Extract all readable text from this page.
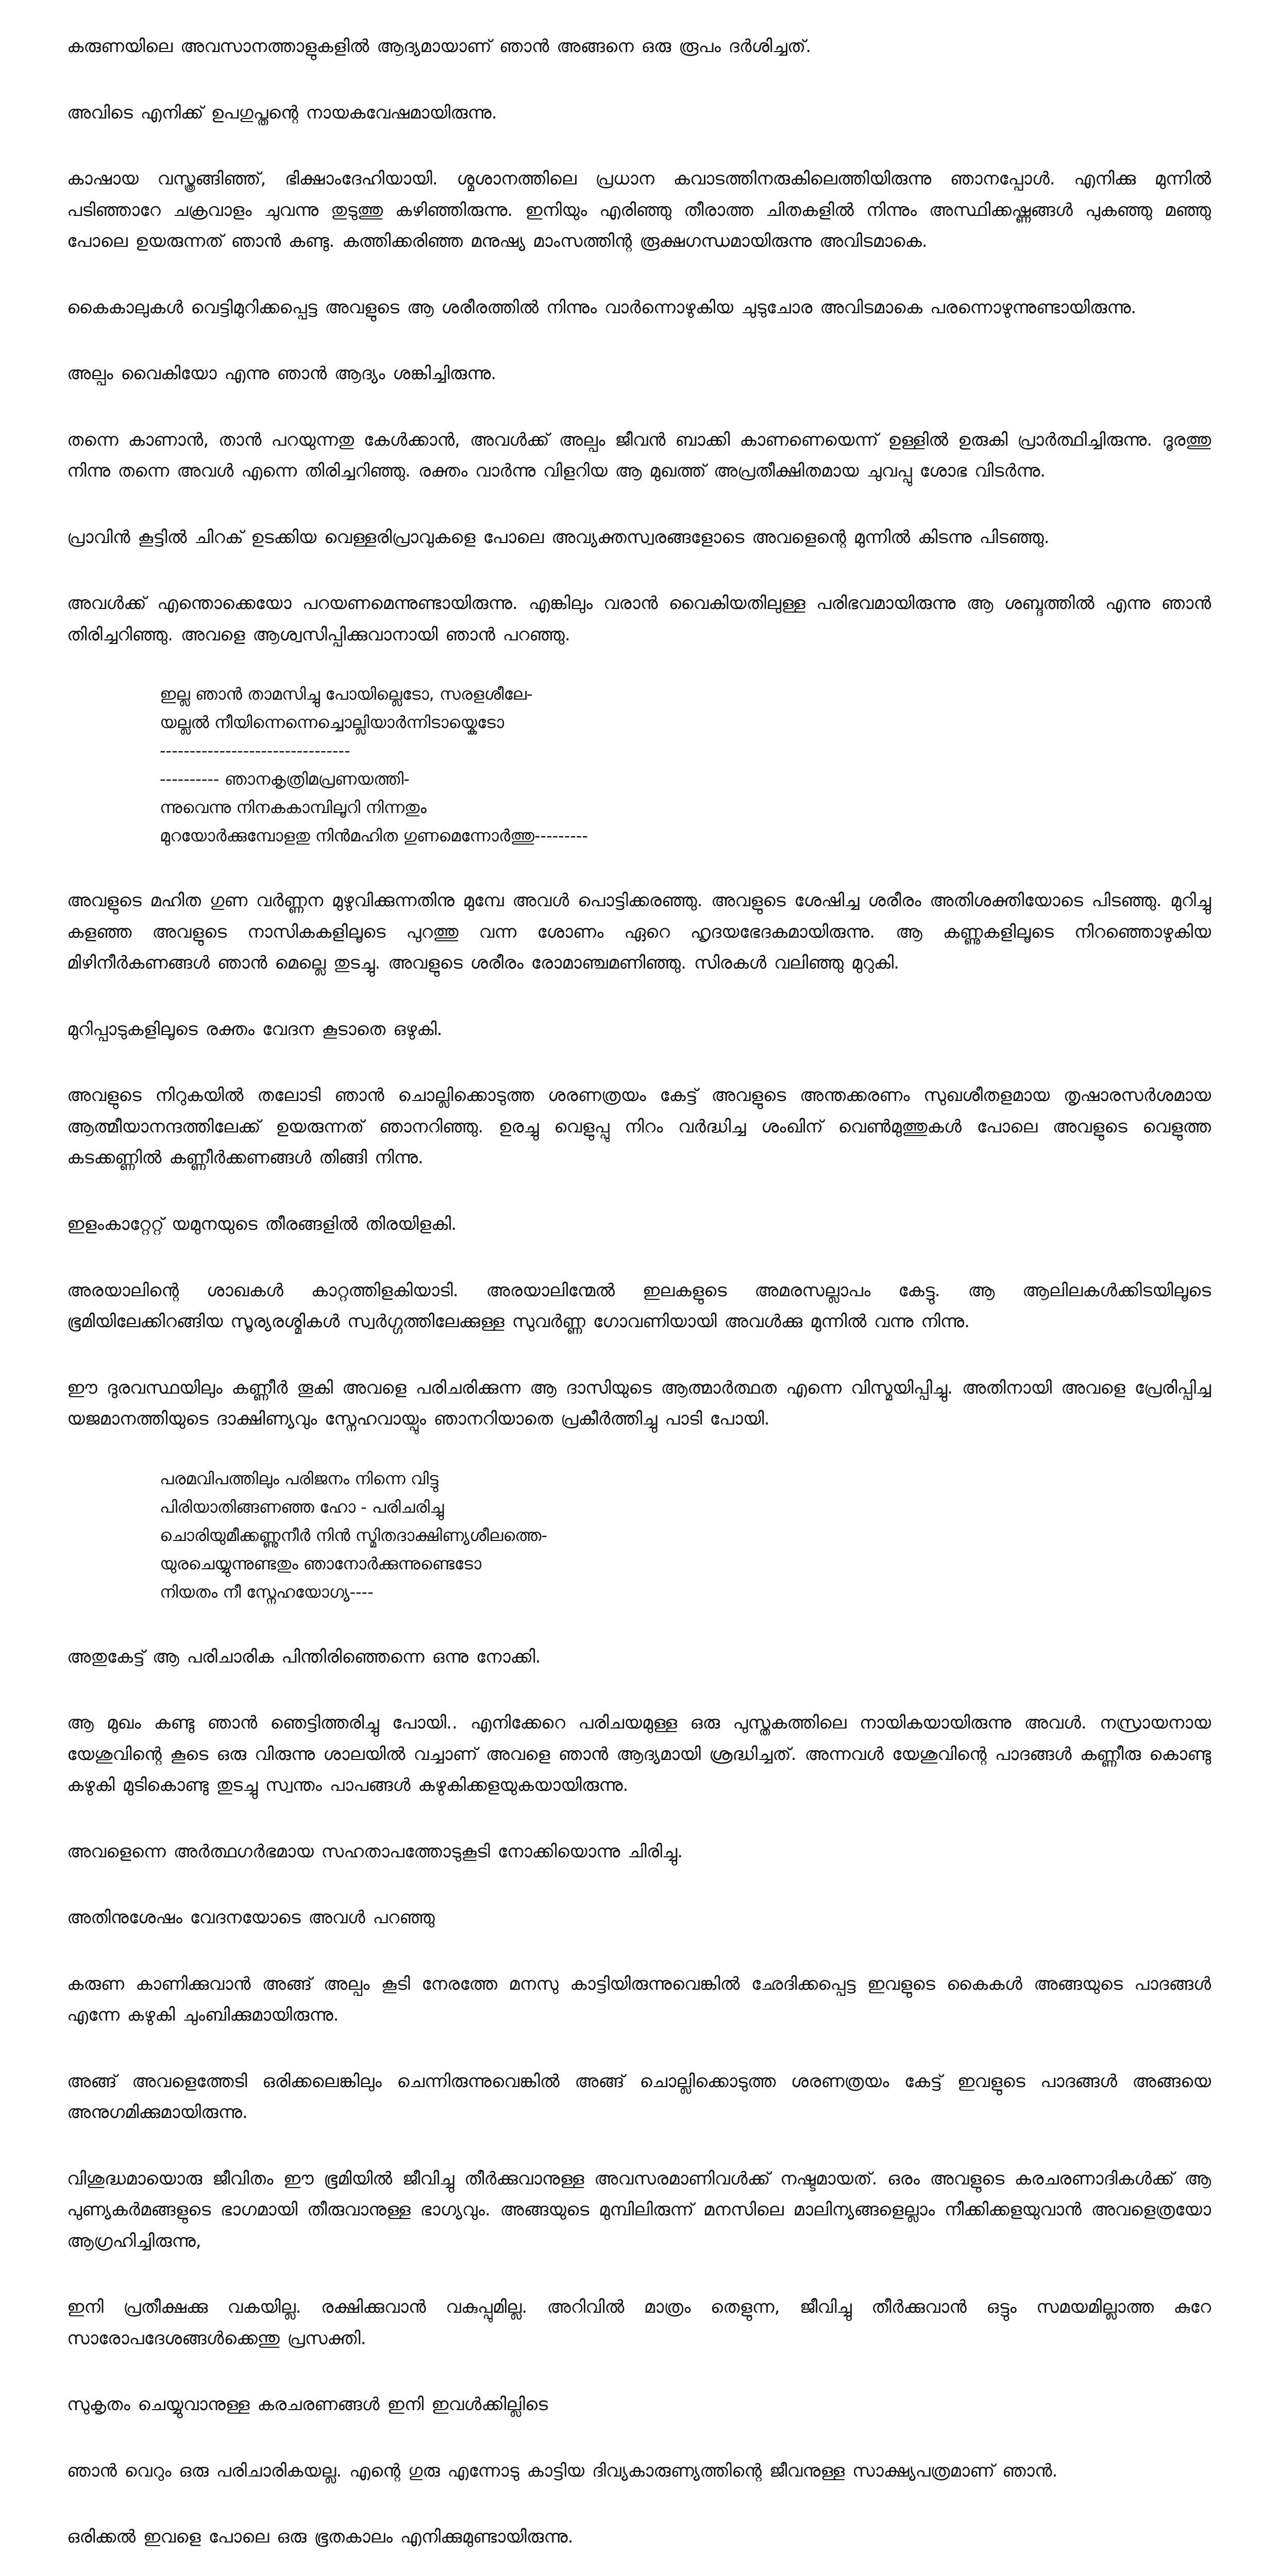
കരുണയിലെ അവസാനത്താളുകളിൽ ആദ്യമായാണ് ഞാൻ അങ്ങനെ ഒരു രൂപം ദർശിച്ചത്.

അവിടെ എനിക്ക് ഉപഗുപ്തന്റെ നായകവേഷമായിരുന്നു.

കാഷായ വസ്ത്രങ്ങിഞ്ഞ്, ഭിക്ഷാംദേഹിയായി. ശ്മശാനത്തിലെ പ്രധാന കവാടത്തിനരുകിലെത്തിയിരുന്നു ഞാനപ്പോൾ. എനിക്കു മുന്നിൽ പടിഞ്ഞാറേ ചക്രവാളം ചുവന്നു തുടുത്തു കഴിഞ്ഞിരുന്നു. ഇനിയും എരിഞ്ഞു തീരാത്ത ചിതകളിൽ നിന്നും അസ്ഥിക്കഷ്ണങ്ങൾ പുകഞ്ഞു മഞ്ഞു പോലെ ഉയരുന്നത് ഞാൻ കണ്ടു. കത്തിക്കരിഞ്ഞ മനുഷ്യ മാംസത്തിന്റ രൂക്ഷഗന്ധമായിരുന്നു അവിടമാകെ.

കൈകാലുകൾ വെട്ടിമുറിക്കപ്പെട്ട അവളുടെ ആ ശരീരത്തിൽ നിന്നും വാർന്നൊഴുകിയ ചുടുചോര അവിടമാകെ പരന്നൊഴുന്നുണ്ടായിരുന്നു.

അല്പം വൈകിയോ എന്നു ഞാൻ ആദ്യം ശങ്കിച്ചിരുന്നു.

തന്നെ കാണാൻ, താൻ പറയുന്നതു കേൾക്കാൻ, അവൾക്ക് അല്പം ജീവൻ ബാക്കി കാണണെയെന്ന് ഉള്ളിൽ ഉരുകി പ്രാർത്ഥിച്ചിരുന്നു. ദൂരത്തു നിന്നു തന്നെ അവൾ എന്നെ തിരിച്ചറിഞ്ഞു. രക്തം വാർന്നു വിളറിയ ആ മുഖത്ത് അപ്രതീക്ഷിതമായ ചുവപ്പു ശോഭ വിടർന്നു.

പ്രാവിൻ കൂട്ടിൽ ചിറക് ഉടക്കിയ വെള്ളരിപ്രാവുകളെ പോലെ അവ്യക്തസ്വരങ്ങളോടെ അവളെന്റെ മുന്നിൽ കിടന്നു പിടഞ്ഞു.

അവൾക്ക് എന്തൊക്കെയോ പറയണമെന്നുണ്ടായിരുന്നു. എങ്കിലും വരാൻ വൈകിയതിലുള്ള പരിഭവമായിരുന്നു ആ ശബ്ദത്തിൽ എന്നു ഞാൻ തിരിച്ചറിഞ്ഞു. അവളെ ആശ്വസിപ്പിക്കുവാനായി ഞാൻ പറഞ്ഞു.

ഇല്ല ഞാൻ താമസിച്ചു പോയില്ലെടോ, സരളശീലേ-
യല്ലൽ നീയിന്നെന്നെച്ചൊല്ലിയാർന്നിടായ്കെടോ
--------------------------------
---------- ഞാനകൃത്രിമപ്രണയത്തി-
ന്നുവെന്നു നിനകകാമ്പിലൂറി നിന്നതും
മുറയോർക്കുമ്പോളതു നിൻമഹിത ഗുണമെന്നോർത്തു---------

അവളുടെ മഹിത ഗുണ വർണ്ണന മുഴുവിക്കുന്നതിനു മുമ്പേ അവൾ പൊട്ടിക്കരഞ്ഞു. അവളുടെ ശേഷിച്ച ശരീരം അതിശക്തിയോടെ പിടഞ്ഞു. മുറിച്ചു കളഞ്ഞ അവളുടെ നാസികകളിലൂടെ പുറത്തു വന്ന ശോണം ഏറെ ഹൃദയഭേദകമായിരുന്നു. ആ കണ്ണുകളിലൂടെ നിറഞ്ഞൊഴുകിയ മിഴിനീർകണങ്ങൾ ഞാൻ മെല്ലെ തുടച്ചു. അവളുടെ ശരീരം രോമാഞ്ചമണിഞ്ഞു. സിരകൾ വലിഞ്ഞു മുറുകി.

മുറിപ്പാടുകളിലൂടെ രക്തം വേദന കൂടാതെ ഒഴുകി.

അവളുടെ നിറുകയിൽ തലോടി ഞാൻ ചൊല്ലിക്കൊടുത്ത ശരണത്രയം കേട്ട് അവളുടെ അന്തക്കരണം സുഖശീതളമായ തൃഷാരസർശമായ ആത്മീയാനന്ദത്തിലേക്ക് ഉയരുന്നത് ഞാനറിഞ്ഞു. ഉരച്ചു വെളുപ്പു നിറം വർദ്ധിച്ച ശംഖിന് വെൺമുത്തുകൾ പോലെ അവളുടെ വെളുത്ത കടക്കണ്ണിൽ കണ്ണീർക്കണങ്ങൾ തിങ്ങി നിന്നു.

ഇളംകാറ്റേറ്റ് യമുനയുടെ തീരങ്ങളിൽ തിരയിളകി.

അരയാലിന്റെ ശാഖകൾ കാറ്റത്തിളകിയാടി. അരയാലിന്മേൽ ഇലകളുടെ അമരസല്ലാപം കേട്ടു. ആ ആലിലകൾക്കിടയിലൂടെ ഭൂമിയിലേക്കിറങ്ങിയ സൂര്യരശ്മികൾ സ്വർഗ്ഗത്തിലേക്കുള്ള സുവർണ്ണ ഗോവണിയായി അവൾക്കു മുന്നിൽ വന്നു നിന്നു.

ഈ ദുരവസ്ഥയിലും കണ്ണീർ തൂകി അവളെ പരിചരിക്കുന്ന ആ ദാസിയുടെ ആത്മാർത്ഥത എന്നെ വിസ്മയിപ്പിച്ചു. അതിനായി അവളെ പ്രേരിപ്പിച്ച യജമാനത്തിയുടെ ദാക്ഷിണ്യവും സ്നേഹവായ്പും ഞാനറിയാതെ പ്രകീർത്തിച്ചു പാടി പോയി.

പരമവിപത്തിലും പരിജനം നിന്നെ വിട്ടു
പിരിയാതിങ്ങണഞ്ഞ ഹോ - പരിചരിച്ചു
ചൊരിയുമീക്കണ്ണുനീർ നിൻ സ്മിതദാക്ഷിണ്യശീലത്തെ-
യുരചെയ്യുന്നുണ്ടതും ഞാനോർക്കുന്നുണ്ടെടോ
നിയതം നീ സ്നേഹയോഗ്യ----

അതുകേട്ട് ആ പരിചാരിക പിന്തിരിഞ്ഞെന്നെ ഒന്നു നോക്കി.

ആ മുഖം കണ്ടു ഞാൻ ഞെട്ടിത്തരിച്ചു പോയി.. എനിക്കേറെ പരിചയമുള്ള ഒരു പുസ്തകത്തിലെ നായികയായിരുന്നു അവൾ. നസ്രായനായ യേശുവിന്റെ കൂടെ ഒരു വിരുന്നു ശാലയിൽ വച്ചാണ് അവളെ ഞാൻ ആദ്യമായി ശ്രദ്ധിച്ചത്. അന്നവൾ യേശുവിന്റെ പാദങ്ങൾ കണ്ണീരു കൊണ്ടു കഴുകി മുടികൊണ്ടു തുടച്ചു സ്വന്തം പാപങ്ങൾ കഴുകിക്കളയുകയായിരുന്നു.

അവളെന്നെ അർത്ഥഗർഭമായ സഹതാപത്തോടുകൂടി നോക്കിയൊന്നു ചിരിച്ചു.

അതിനുശേഷം വേദനയോടെ അവൾ പറഞ്ഞു

കരുണ കാണിക്കുവാൻ അങ്ങ് അല്പം കൂടി നേരത്തേ മനസു കാട്ടിയിരുന്നുവെങ്കിൽ ഛേദിക്കപ്പെട്ട ഇവളുടെ കൈകൾ അങ്ങയുടെ പാദങ്ങൾ എന്നേ കഴുകി ചുംബിക്കുമായിരുന്നു.

അങ്ങ് അവളെത്തേടി ഒരിക്കലെങ്കിലും ചെന്നിരുന്നുവെങ്കിൽ അങ്ങ് ചൊല്ലിക്കൊടുത്ത ശരണത്രയം കേട്ട് ഇവളുടെ പാദങ്ങൾ അങ്ങയെ അനുഗമിക്കുമായിരുന്നു.

വിശുദ്ധമായൊരു ജീവിതം ഈ ഭൂമിയിൽ ജീവിച്ചു തീർക്കുവാനുള്ള അവസരമാണിവൾക്ക് നഷ്ടമായത്. ഒരം അവളുടെ കരചരണാദികൾക്ക് ആ പുണ്യകർമങ്ങളുടെ ഭാഗമായി തീരുവാനുള്ള ഭാഗ്യവും. അങ്ങയുടെ മുമ്പിലിരുന്ന് മനസിലെ മാലിന്യങ്ങളെല്ലാം നീക്കിക്കളയുവാൻ അവളെത്രയോ ആഗ്രഹിച്ചിരുന്നു,

ഇനി പ്രതീക്ഷക്കു വകയില്ല. രക്ഷിക്കുവാൻ വകുപ്പുമില്ല. അറിവിൽ മാത്രം തെളുന്ന, ജീവിച്ചു തീർക്കുവാൻ ഒട്ടും സമയമില്ലാത്ത കുറേ സാരോപദേശങ്ങൾക്കെന്തു പ്രസക്തി.

സുകൃതം ചെയ്യുവാനുള്ള കരചരണങ്ങൾ ഇനി ഇവൾക്കില്ലിടെ

ഞാൻ വെറും ഒരു പരിചാരികയല്ല. എന്റെ ഗുരു എന്നോടു കാട്ടിയ ദിവ്യകാരുണ്യത്തിന്റെ ജീവനുള്ള സാക്ഷ്യപത്രമാണ് ഞാൻ.

ഒരിക്കൽ ഇവളെ പോലെ ഒരു ഭൂതകാലം എനിക്കുമുണ്ടായിരുന്നു.
